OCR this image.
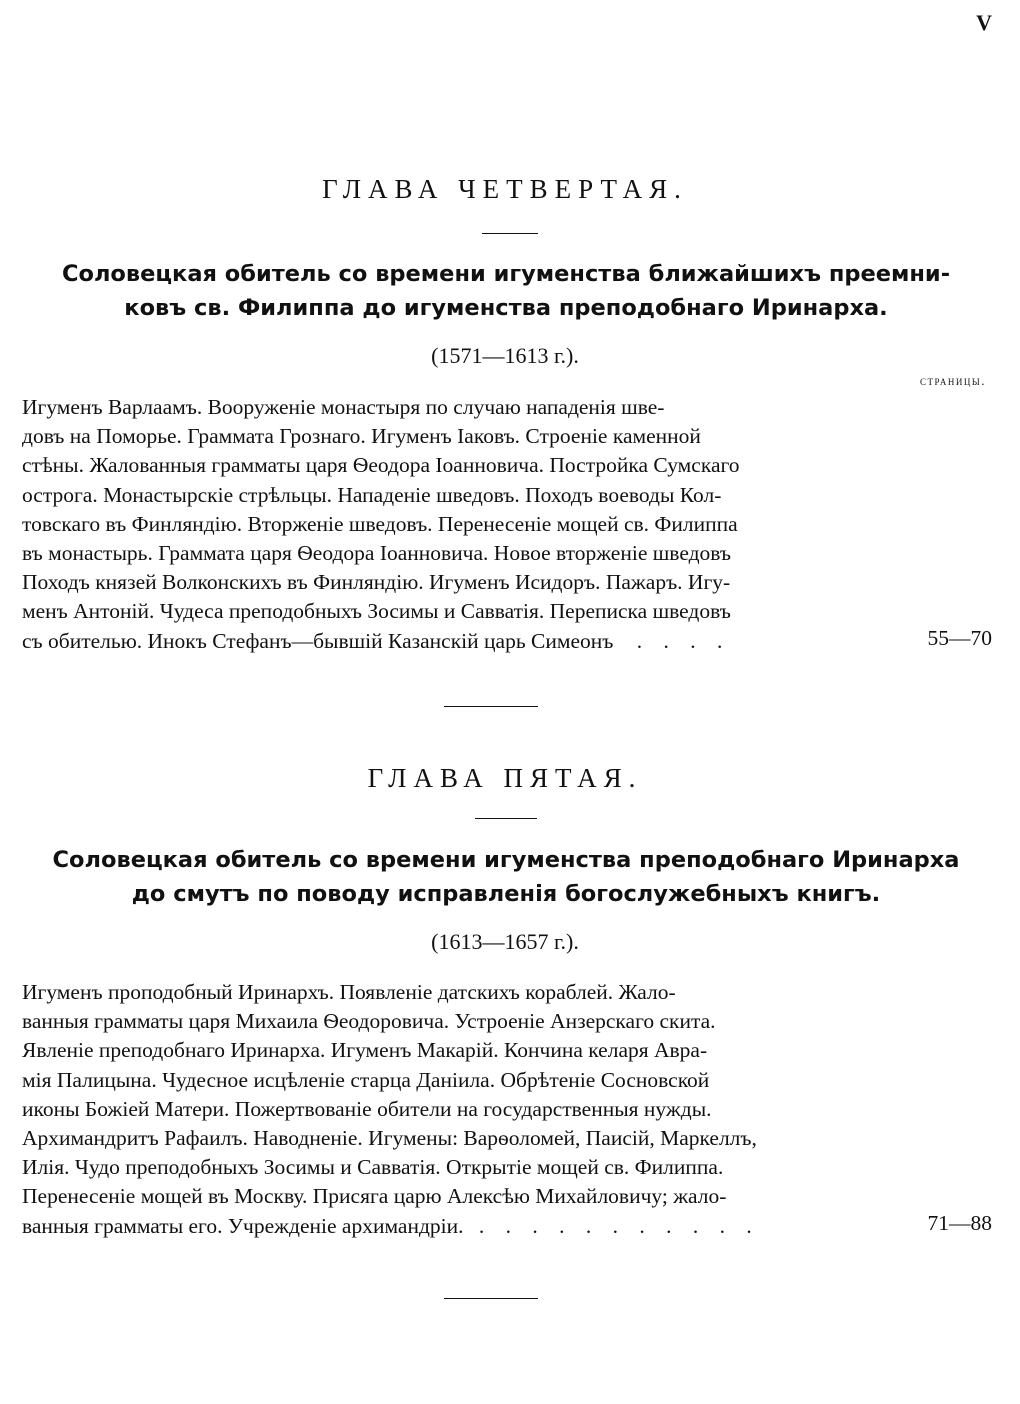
V
ГЛАВА ЧЕТВЕРТАЯ.
Соловецкая обитель со времени игуменства ближайшихъ преемни-
ковъ св. Филиппа до игуменства преподобнаго Иринарха.
(1571—1613 г.).
страницы.
Игуменъ Варлаамъ. Вооруженіе монастыря по случаю нападенія шве-
довъ на Поморье. Граммата Грознаго. Игуменъ Іаковъ. Строеніе каменной
стѣны. Жалованныя грамматы царя Ѳеодора Іоанновича. Постройка Сумскаго
острога. Монастырскіе стрѣльцы. Нападеніе шведовъ. Походъ воеводы Кол-
товскаго въ Финляндію. Вторженіе шведовъ. Перенесеніе мощей св. Филиппа
въ монастырь. Граммата царя Ѳеодора Іоанновича. Новое вторженіе шведовъ
Походъ князей Волконскихъ въ Финляндію. Игуменъ Исидоръ. Пажаръ. Игу-
менъ Антоній. Чудеса преподобныхъ Зосимы и Савватія. Переписка шведовъ
съ обителью. Инокъ Стефанъ—бывшій Казанскій царь Симеонъ . . . .	55—70
ГЛАВА ПЯТАЯ.
Соловецкая обитель со времени игуменства преподобнаго Иринарха
до смутъ по поводу исправленія богослужебныхъ книгъ.
(1613—1657 г.).
Игуменъ проподобный Иринархъ. Появленіе датскихъ кораблей. Жало-
ванныя грамматы царя Михаила Ѳеодоровича. Устроеніе Анзерскаго скита.
Явленіе преподобнаго Иринарха. Игуменъ Макарій. Кончина келаря Авра-
мія Палицына. Чудесное исцѣленіе старца Даніила. Обрѣтеніе Сосновской
иконы Божіей Матери. Пожертвованіе обители на государственныя нужды.
Архимандритъ Рафаилъ. Наводненіе. Игумены: Варѳоломей, Паисій, Маркеллъ,
Илія. Чудо преподобныхъ Зосимы и Савватія. Открытіе мощей св. Филиппа.
Перенесеніе мощей въ Москву. Присяга царю Алексѣю Михайловичу; жало-
ванныя грамматы его. Учрежденіе архимандріи. . . . . . . . . . . .	71—88
